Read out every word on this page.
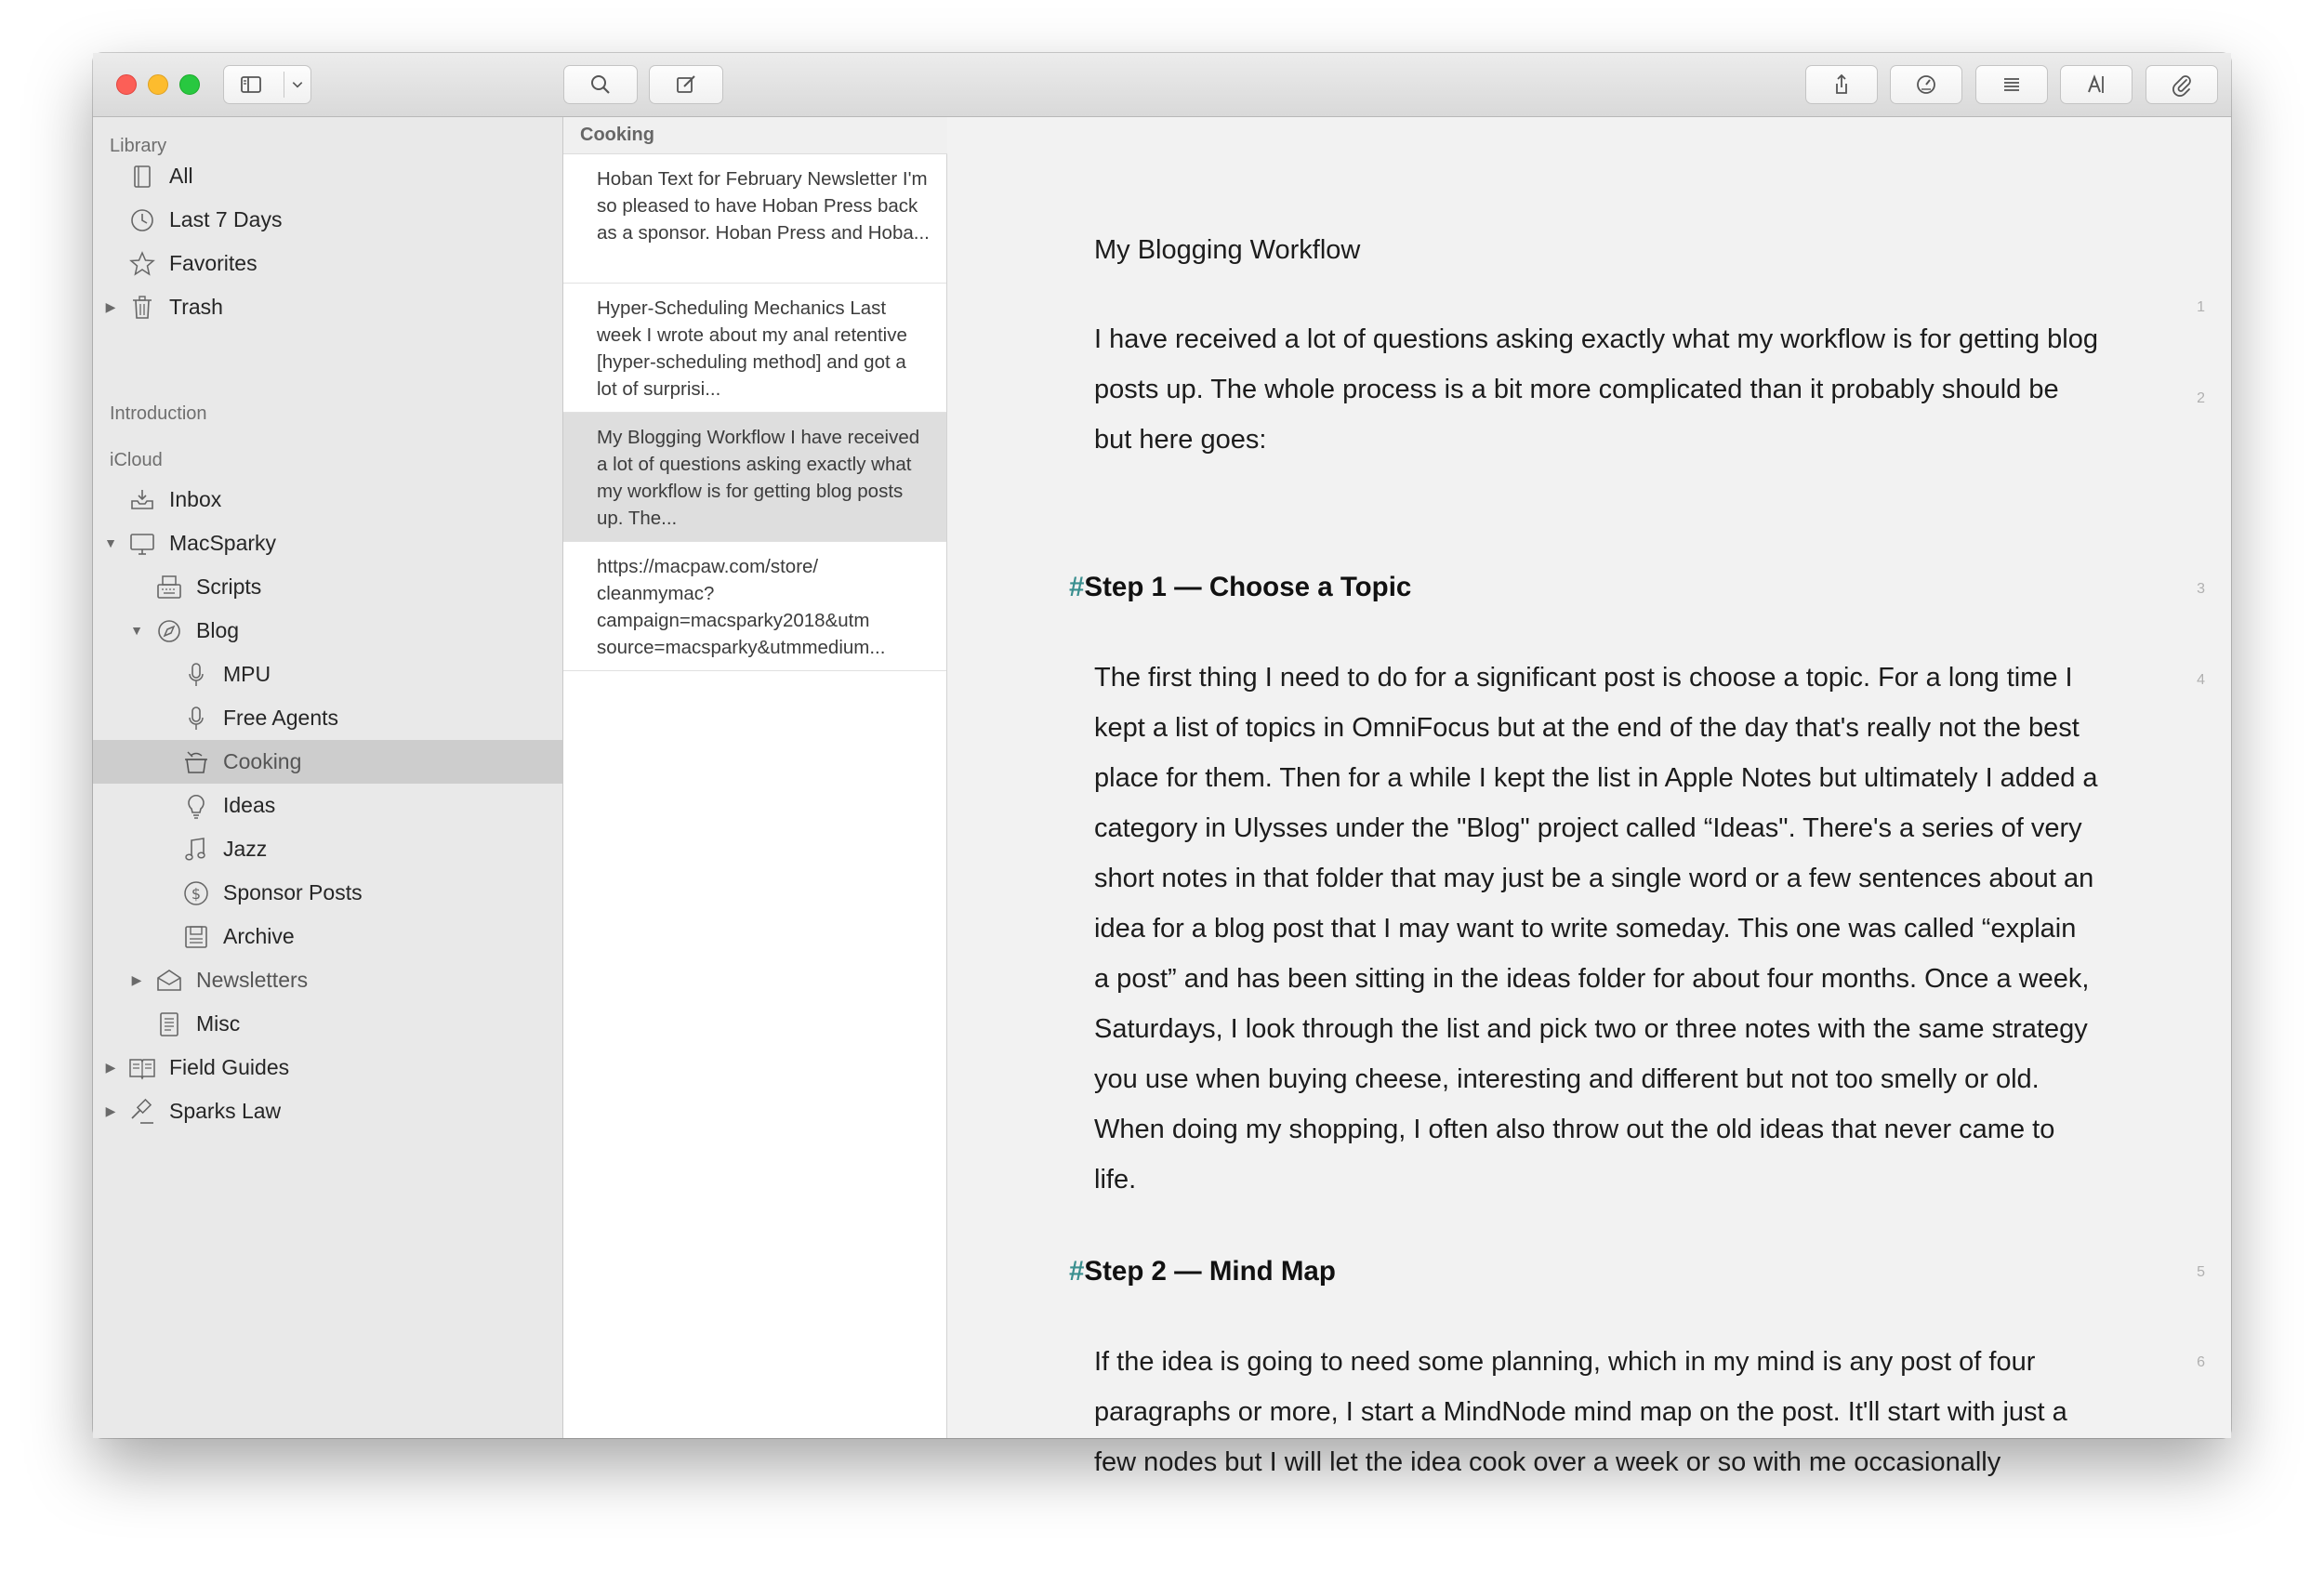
Library
All
Last 7 Days
Favorites
▶	Trash
Introduction
iCloud
Inbox
▼ MacSparky
Scripts
▼ Blog
MPU
Free Agents
Cooking
Ideas
Jazz
$ Sponsor Posts
Archive
▶	Newsletters
Misc
▶	Field Guides
▶	Sparks Law
Cooking
Hoban Text for February Newsletter I'm so pleased to have Hoban Press back as a sponsor. Hoban Press and Hoba...
Hyper-Scheduling Mechanics Last week I wrote about my anal retentive [hyper-scheduling method] and got a lot of surprisi...
My Blogging Workflow I have received a lot of questions asking exactly what my workflow is for getting blog posts up. The...
https://macpaw.com/store/ cleanmymac? campaign=macsparky2018&utm source=macsparky&utmmedium...
My Blogging Workflow
1
I have received a lot of questions asking exactly what my workflow is for getting blog posts up. The whole process is a bit more complicated than it probably should be but here goes:
2
#Step 1 — Choose a Topic	3
The first thing I need to do for a significant post is choose a topic. For a long time I kept a list of topics in OmniFocus but at the end of the day that's really not the best place for them. Then for a while I kept the list in Apple Notes but ultimately I added a category in Ulysses under the "Blog" project called “Ideas". There's a series of very short notes in that folder that may just be a single word or a few sentences about an idea for a blog post that I may want to write someday. This one was called “explain a post” and has been sitting in the ideas folder for about four months. Once a week, Saturdays, I look through the list and pick two or three notes with the same strategy you use when buying cheese, interesting and different but not too smelly or old. When doing my shopping, I often also throw out the old ideas that never came to life.
4
#Step 2 — Mind Map	5
If the idea is going to need some planning, which in my mind is any post of four paragraphs or more, I start a MindNode mind map on the post. It'll start with just a few nodes but I will let the idea cook over a week or so with me occasionally
6
